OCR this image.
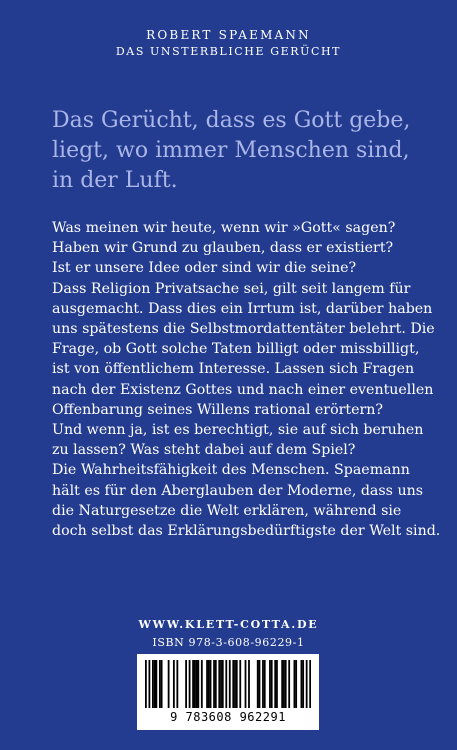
ROBERT SPAEMANN
DAS UNSTERBLICHE GERÜCHT
Das Gerücht, dass es Gott gebe,
liegt, wo immer Menschen sind,
in der Luft.
Was meinen wir heute, wenn wir »Gott« sagen?
Haben wir Grund zu glauben, dass er existiert?
Ist er unsere Idee oder sind wir die seine?
Dass Religion Privatsache sei, gilt seit langem für
ausgemacht. Dass dies ein Irrtum ist, darüber haben
uns spätestens die Selbstmordattentäter belehrt. Die
Frage, ob Gott solche Taten billigt oder missbilligt,
ist von öffentlichem Interesse. Lassen sich Fragen
nach der Existenz Gottes und nach einer eventuellen
Offenbarung seines Willens rational erörtern?
Und wenn ja, ist es berechtigt, sie auf sich beruhen
zu lassen? Was steht dabei auf dem Spiel?
Die Wahrheitsfähigkeit des Menschen. Spaemann
hält es für den Aberglauben der Moderne, dass uns
die Naturgesetze die Welt erklären, während sie
doch selbst das Erklärungsbedürftigste der Welt sind.
WWW.KLETT-COTTA.DE
ISBN 978-3-608-96229-1
9 783608 962291
